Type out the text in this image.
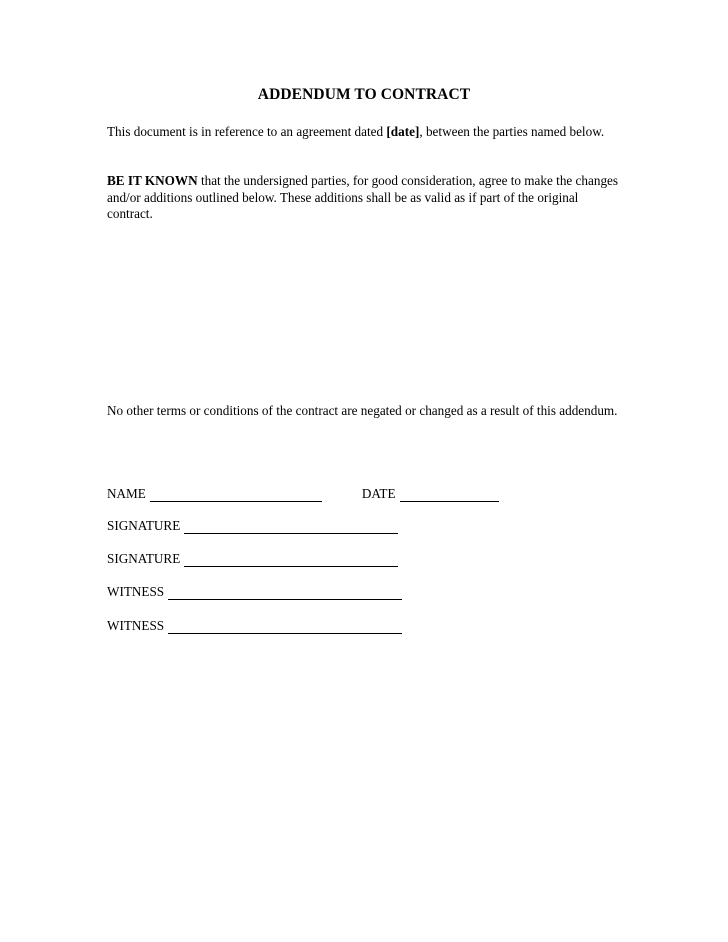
ADDENDUM TO CONTRACT

This document is in reference to an agreement dated [date], between the parties named below.

BE IT KNOWN that the undersigned parties, for good consideration, agree to make the changes and/or additions outlined below. These additions shall be as valid as if part of the original contract.

No other terms or conditions of the contract are negated or changed as a result of this addendum.

NAME	DATE
SIGNATURE
SIGNATURE
WITNESS
WITNESS
